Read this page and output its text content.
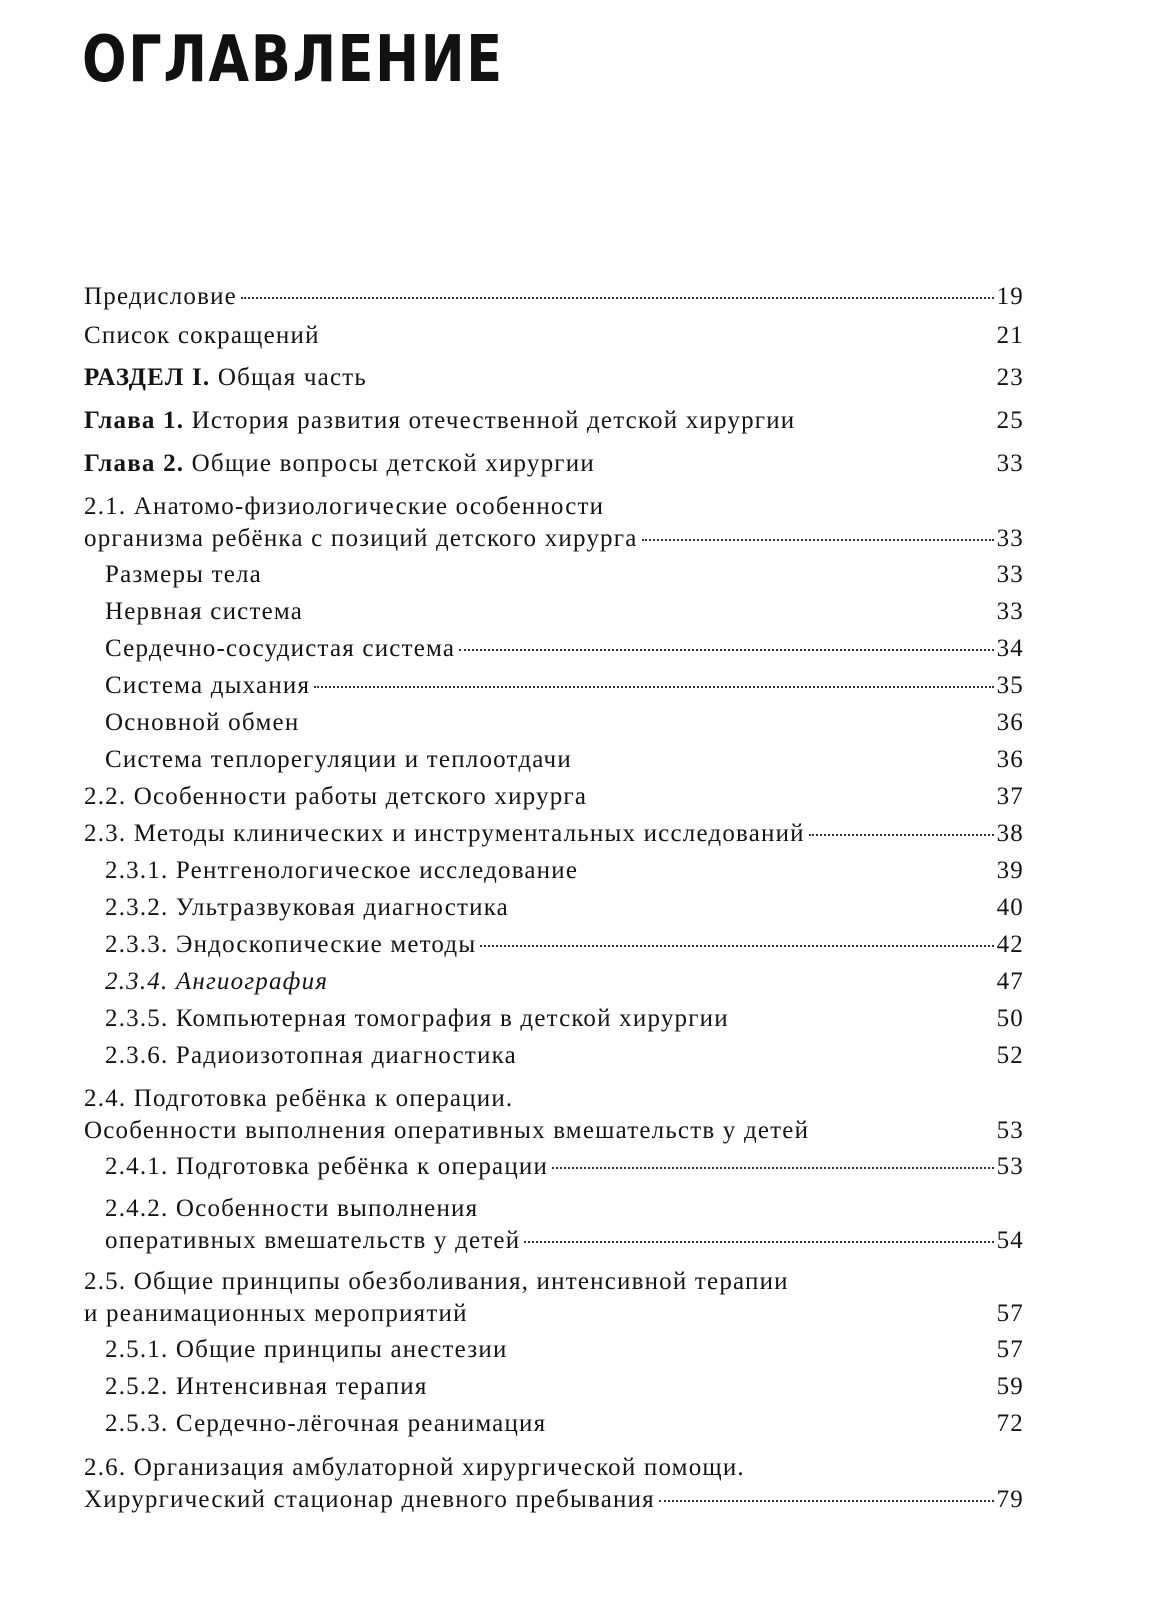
ОГЛАВЛЕНИЕ
Предисловие	19
Список сокращений	21
РАЗДЕЛ I. Общая часть	23
Глава 1. История развития отечественной детской хирургии	25
Глава 2. Общие вопросы детской хирургии	33
2.1. Анатомо-физиологические особенности
организма ребёнка с позиций детского хирурга	33
Размеры тела	33
Нервная система	33
Сердечно-сосудистая система	34
Система дыхания	35
Основной обмен	36
Система теплорегуляции и теплоотдачи	36
2.2. Особенности работы детского хирурга	37
2.3. Методы клинических и инструментальных исследований	38
2.3.1. Рентгенологическое исследование	39
2.3.2. Ультразвуковая диагностика	40
2.3.3. Эндоскопические методы	42
2.3.4. Ангиография	47
2.3.5. Компьютерная томография в детской хирургии	50
2.3.6. Радиоизотопная диагностика	52
2.4. Подготовка ребёнка к операции.
Особенности выполнения оперативных вмешательств у детей	53
2.4.1. Подготовка ребёнка к операции	53
2.4.2. Особенности выполнения
оперативных вмешательств у детей	54
2.5. Общие принципы обезболивания, интенсивной терапии
и реанимационных мероприятий	57
2.5.1. Общие принципы анестезии	57
2.5.2. Интенсивная терапия	59
2.5.3. Сердечно-лёгочная реанимация	72
2.6. Организация амбулаторной хирургической помощи.
Хирургический стационар дневного пребывания	79
